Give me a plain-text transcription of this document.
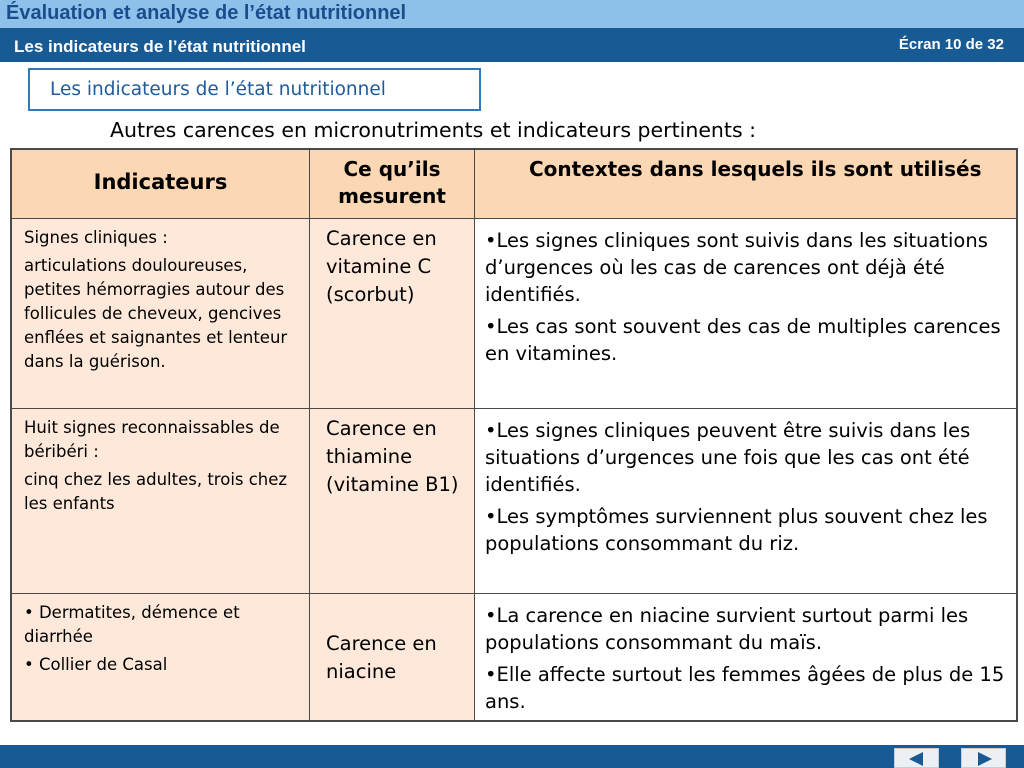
Évaluation et analyse de l’état nutritionnel
Les indicateurs de l’état nutritionnel	Écran 10 de 32
Les indicateurs de l’état nutritionnel
Autres carences en micronutriments et indicateurs pertinents :
Indicateurs
Ce qu’ils mesurent
Contextes dans lesquels ils sont utilisés

Signes cliniques :

articulations douloureuses, petites hémorragies autour des follicules de cheveux, gencives enflées et saignantes et lenteur dans la guérison.

Carence en vitamine C (scorbut)

•Les signes cliniques sont suivis dans les situations d’urgences où les cas de carences ont déjà été identifiés.

•Les cas sont souvent des cas de multiples carences en vitamines.

Huit signes reconnaissables de béribéri :

cinq chez les adultes, trois chez les enfants

Carence en thiamine (vitamine B1)

•Les signes cliniques peuvent être suivis dans les situations d’urgences une fois que les cas ont été identifiés.

•Les symptômes surviennent plus souvent chez les populations consommant du riz.

• Dermatites, démence et diarrhée

• Collier de Casal

Carence en niacine

•La carence en niacine survient surtout parmi les populations consommant du maïs.

•Elle affecte surtout les femmes âgées de plus de 15 ans.
